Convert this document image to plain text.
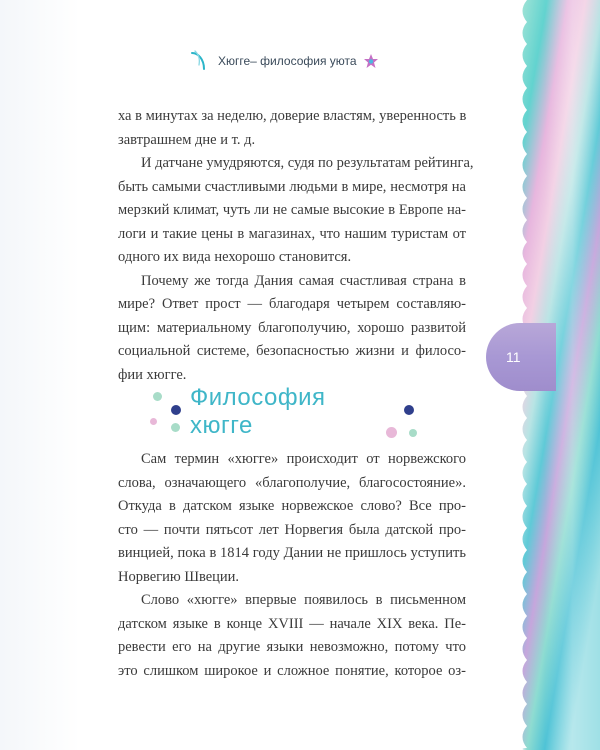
Хюгге– философия уюта
11

ха в минутах за неделю, доверие властям, уверенность в
завтрашнем дне и т. д.

И датчане умудряются, судя по результатам рейтинга,
быть самыми счастливыми людьми в мире, несмотря на
мерзкий климат, чуть ли не самые высокие в Европе на-
логи и такие цены в магазинах, что нашим туристам от
одного их вида нехорошо становится.

Почему же тогда Дания самая счастливая страна в
мире? Ответ прост — благодаря четырем составляю-
щим: материальному благополучию, хорошо развитой
социальной системе, безопасностью жизни и филосо-
фии хюгге.

Философия хюгге

Сам термин «хюгге» происходит от норвежского
слова, означающего «благополучие, благосостояние».
Откуда в датском языке норвежское слово? Все про-
сто — почти пятьсот лет Норвегия была датской про-
винцией, пока в 1814 году Дании не пришлось уступить
Норвегию Швеции.

Слово «хюгге» впервые появилось в письменном
датском языке в конце XVIII — начале XIX века. Пе-
ревести его на другие языки невозможно, потому что
это слишком широкое и сложное понятие, которое оз-
